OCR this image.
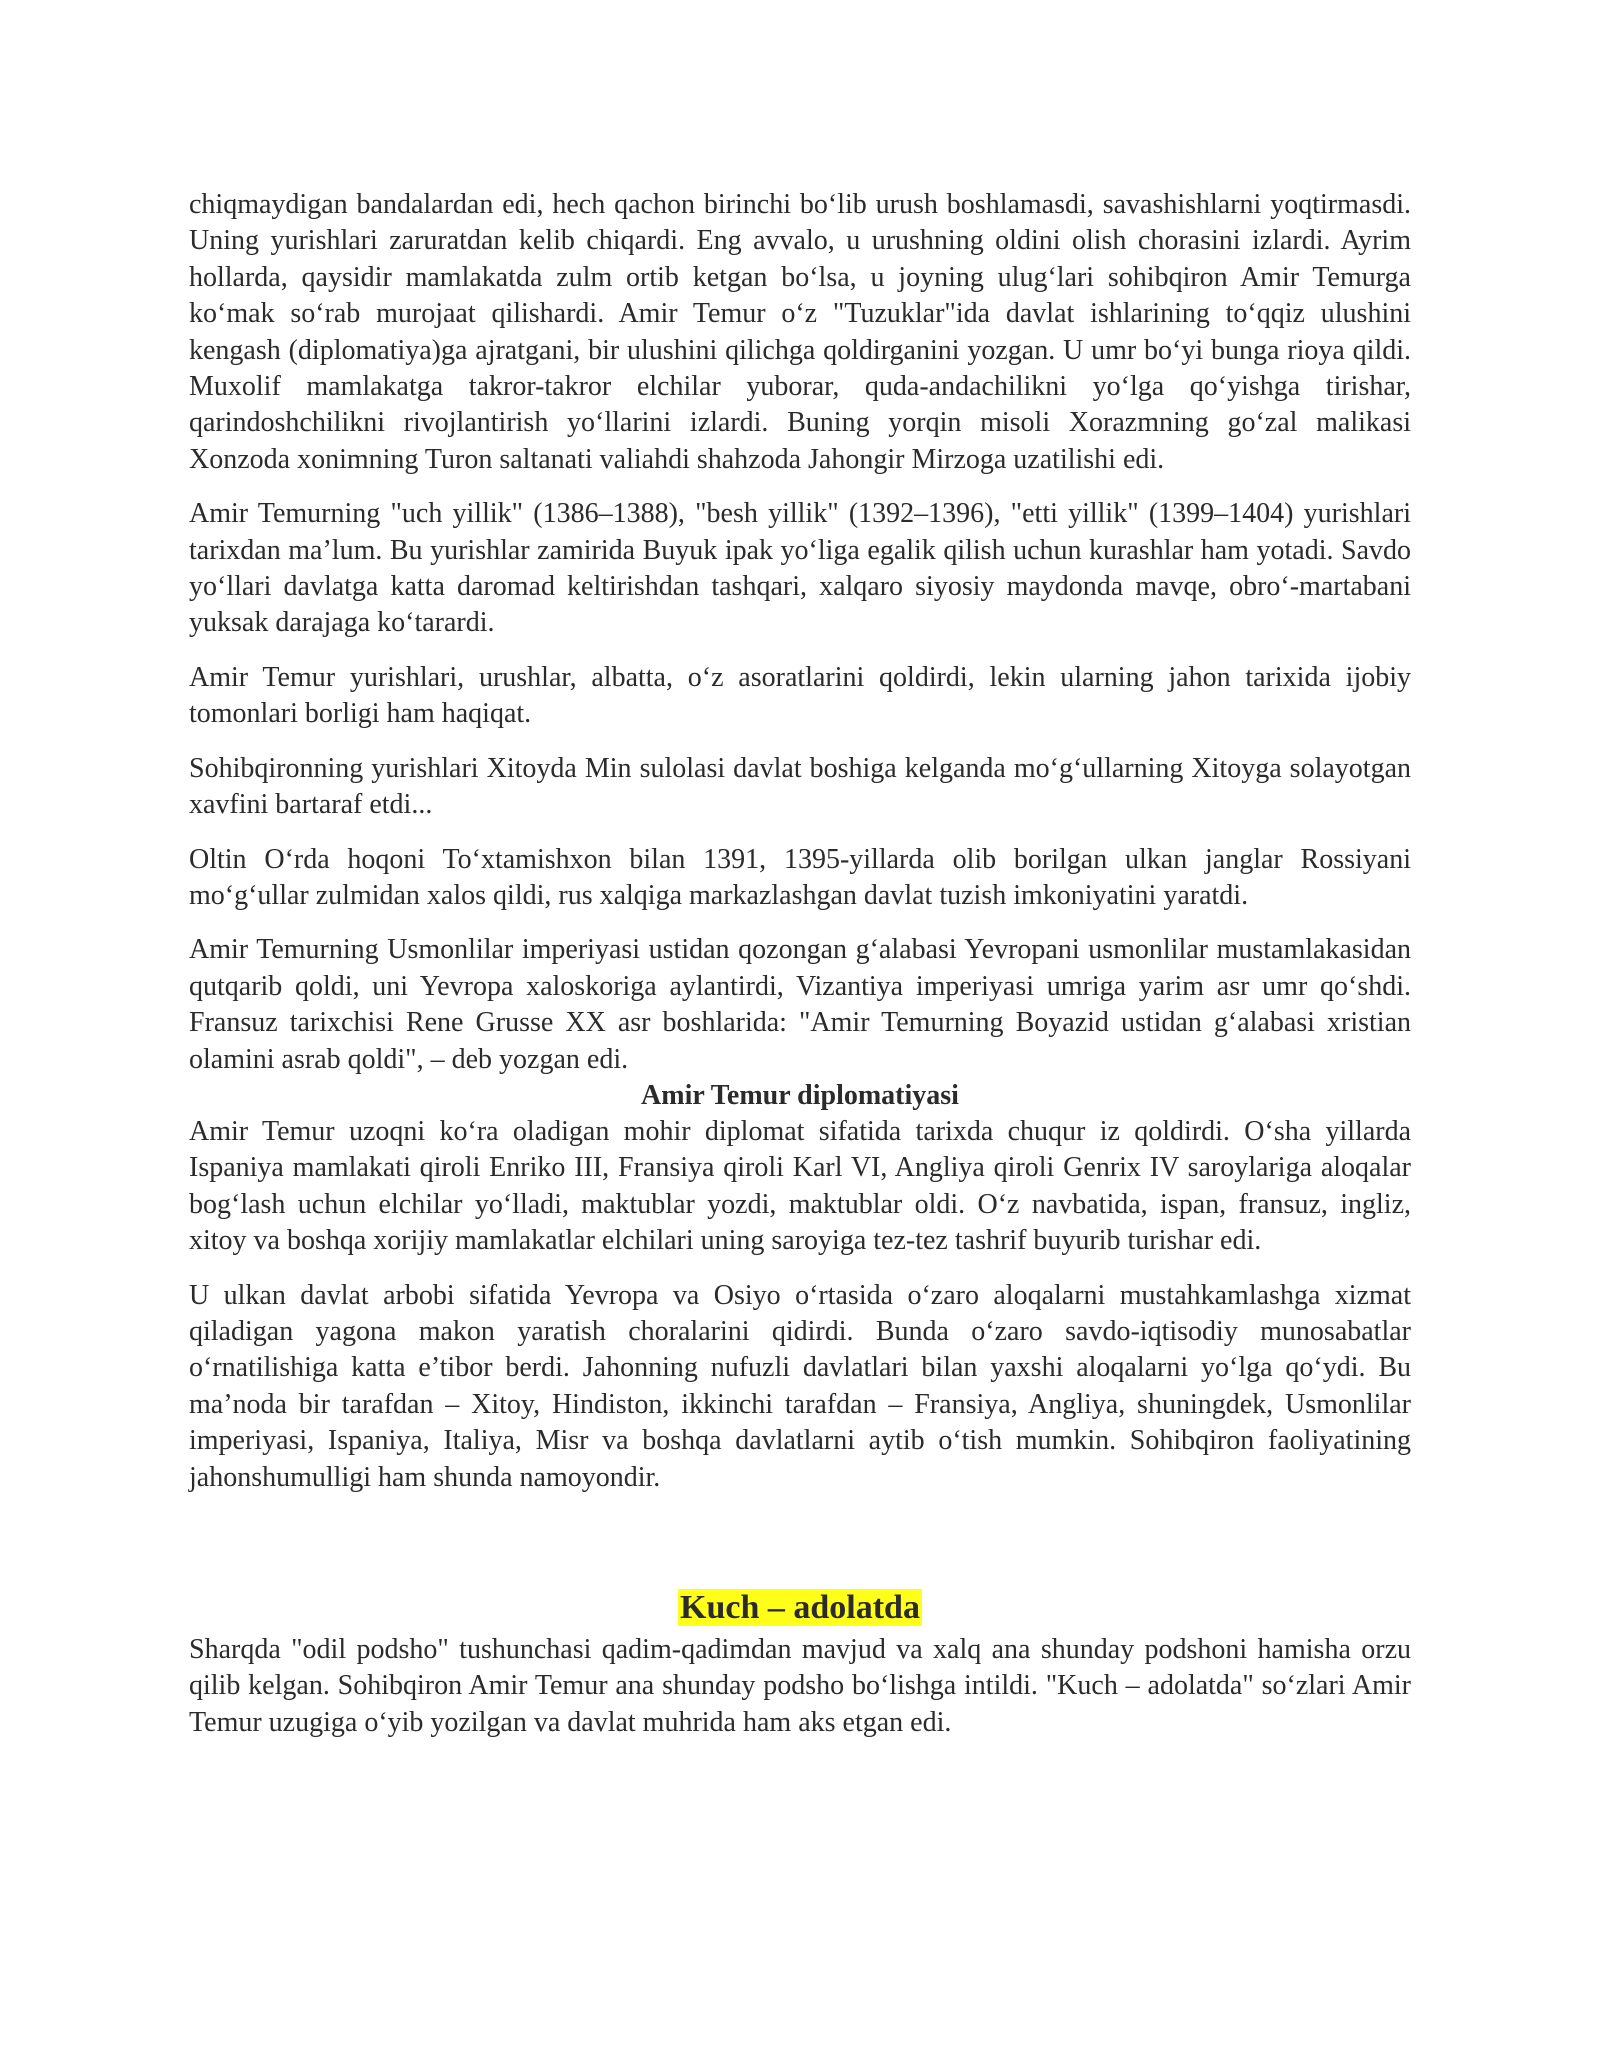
chiqmaydigan bandalardan edi, hech qachon birinchi bo‘lib urush boshlamasdi, savashishlarni yoqtirmasdi. Uning yurishlari zaruratdan kelib chiqardi. Eng avvalo, u urushning oldini olish chorasini izlardi. Ayrim hollarda, qaysidir mamlakatda zulm ortib ketgan bo‘lsa, u joyning ulug‘lari sohibqiron Amir Temurga ko‘mak so‘rab murojaat qilishardi. Amir Temur o‘z "Tuzuklar"ida davlat ishlarining to‘qqiz ulushini kengash (diplomatiya)ga ajratgani, bir ulushini qilichga qoldirganini yozgan. U umr bo‘yi bunga rioya qildi. Muxolif mamlakatga takror-takror elchilar yuborar, quda-andachilikni yo‘lga qo‘yishga tirishar, qarindoshchilikni rivojlantirish yo‘llarini izlardi. Buning yorqin misoli Xorazmning go‘zal malikasi Xonzoda xonimning Turon saltanati valiahdi shahzoda Jahongir Mirzoga uzatilishi edi.

Amir Temurning "uch yillik" (1386–1388), "besh yillik" (1392–1396), "etti yillik" (1399–1404) yurishlari tarixdan ma’lum. Bu yurishlar zamirida Buyuk ipak yo‘liga egalik qilish uchun kurashlar ham yotadi. Savdo yo‘llari davlatga katta daromad keltirishdan tashqari, xalqaro siyosiy maydonda mavqe, obro‘-martabani yuksak darajaga ko‘tarardi.

Amir Temur yurishlari, urushlar, albatta, o‘z asoratlarini qoldirdi, lekin ularning jahon tarixida ijobiy tomonlari borligi ham haqiqat.

Sohibqironning yurishlari Xitoyda Min sulolasi davlat boshiga kelganda mo‘g‘ullarning Xitoyga solayotgan xavfini bartaraf etdi...

Oltin O‘rda hoqoni To‘xtamishxon bilan 1391, 1395-yillarda olib borilgan ulkan janglar Rossiyani mo‘g‘ullar zulmidan xalos qildi, rus xalqiga markazlashgan davlat tuzish imkoniyatini yaratdi.

Amir Temurning Usmonlilar imperiyasi ustidan qozongan g‘alabasi Yevropani usmonlilar mustamlakasidan qutqarib qoldi, uni Yevropa xaloskoriga aylantirdi, Vizantiya imperiyasi umriga yarim asr umr qo‘shdi. Fransuz tarixchisi Rene Grusse XX asr boshlarida: "Amir Temurning Boyazid ustidan g‘alabasi xristian olamini asrab qoldi", – deb yozgan edi.

Amir Temur diplomatiyasi

Amir Temur uzoqni ko‘ra oladigan mohir diplomat sifatida tarixda chuqur iz qoldirdi. O‘sha yillarda Ispaniya mamlakati qiroli Enriko III, Fransiya qiroli Karl VI, Angliya qiroli Genrix IV saroylariga aloqalar bog‘lash uchun elchilar yo‘lladi, maktublar yozdi, maktublar oldi. O‘z navbatida, ispan, fransuz, ingliz, xitoy va boshqa xorijiy mamlakatlar elchilari uning saroyiga tez-tez tashrif buyurib turishar edi.

U ulkan davlat arbobi sifatida Yevropa va Osiyo o‘rtasida o‘zaro aloqalarni mustahkamlashga xizmat qiladigan yagona makon yaratish choralarini qidirdi. Bunda o‘zaro savdo-iqtisodiy munosabatlar o‘rnatilishiga katta e’tibor berdi. Jahonning nufuzli davlatlari bilan yaxshi aloqalarni yo‘lga qo‘ydi. Bu ma’noda bir tarafdan – Xitoy, Hindiston, ikkinchi tarafdan – Fransiya, Angliya, shuningdek, Usmonlilar imperiyasi, Ispaniya, Italiya, Misr va boshqa davlatlarni aytib o‘tish mumkin. Sohibqiron faoliyatining jahonshumulligi ham shunda namoyondir.

Kuch – adolatda

Sharqda "odil podsho" tushunchasi qadim-qadimdan mavjud va xalq ana shunday podshoni hamisha orzu qilib kelgan. Sohibqiron Amir Temur ana shunday podsho bo‘lishga intildi. "Kuch – adolatda" so‘zlari Amir Temur uzugiga o‘yib yozilgan va davlat muhrida ham aks etgan edi.
